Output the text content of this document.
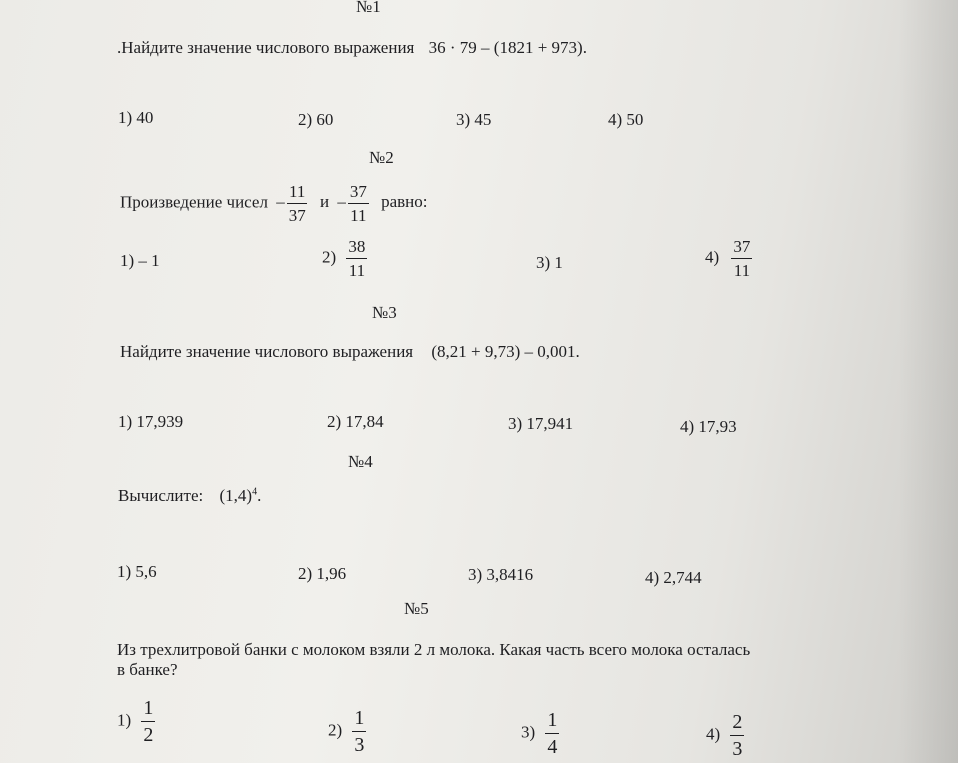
№1
.Найдите значение числового выражения 36 · 79 – (1821 + 973).
1) 40	2) 60	3) 45	4) 50
№2
Произведение чисел – $\frac{11}{37}$ и – $\frac{37}{11}$ равно:
1) – 1	$2) \frac{38}{11}$	3) 1	$4) \frac{37}{11}$
№3
Найдите значение числового выражения (8,21 + 9,73) – 0,001.
1) 17,939	2) 17,84	3) 17,941	4) 17,93
№4
Вычислите: $(1,4)^4$.
1) 5,6	2) 1,96	3) 3,8416	4) 2,744
№5
Из трехлитровой банки с молоком взяли 2 л молока. Какая часть всего молока осталась
в банке?
$1) \frac{1}{2}$	$2) \frac{1}{3}$	$3) \frac{1}{4}$	$4) \frac{2}{3}$
